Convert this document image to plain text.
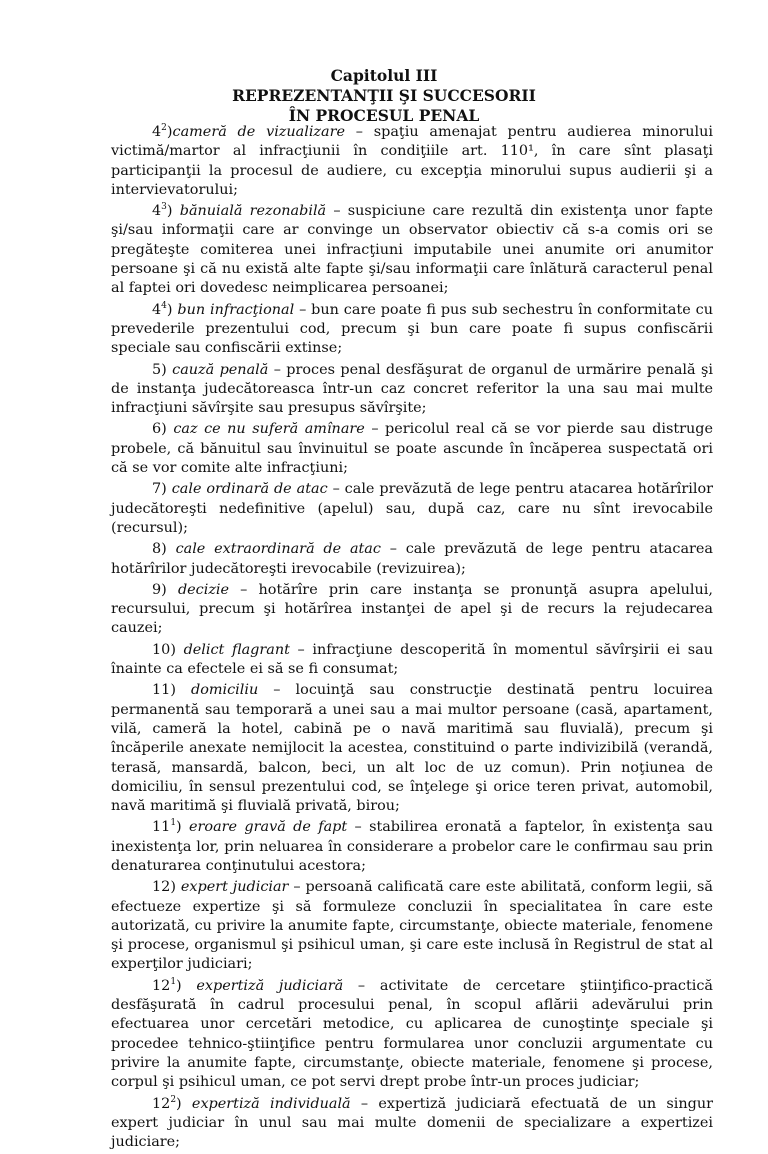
Capitolul III
REPREZENTANŢII ŞI SUCCESORII
ÎN PROCESUL PENAL

$4^2)cameră$ de vizualizare – spaţiu amenajat pentru audierea minorului victimă/martor al infracţiunii în condiţiile art. 110¹, în care sînt plasaţi participanţii la procesul de audiere, cu excepţia minorului supus audierii şi a intervievatorului;

$4^3$) bănuială rezonabilă – suspiciune care rezultă din existenţa unor fapte şi/sau informaţii care ar convinge un observator obiectiv că s-a comis ori se pregăteşte comiterea unei infracţiuni imputabile unei anumite ori anumitor persoane şi că nu există alte fapte şi/sau informaţii care înlătură caracterul penal al faptei ori dovedesc neimplicarea persoanei;

$4^4$) bun infracţional – bun care poate fi pus sub sechestru în conformitate cu prevederile prezentului cod, precum şi bun care poate fi supus confiscării speciale sau confiscării extinse;

5) cauză penală – proces penal desfăşurat de organul de urmărire penală şi de instanţa judecătoreasca într-un caz concret referitor la una sau mai multe infracţiuni săvîrşite sau presupus săvîrşite;

6) caz ce nu suferă amînare – pericolul real că se vor pierde sau distruge probele, că bănuitul sau învinuitul se poate ascunde în încăperea suspectată ori că se vor comite alte infracţiuni;

7) cale ordinară de atac – cale prevăzută de lege pentru atacarea hotărîrilor judecătoreşti nedefinitive (apelul) sau, după caz, care nu sînt irevocabile (recursul);

8) cale extraordinară de atac – cale prevăzută de lege pentru atacarea hotărîrilor judecătoreşti irevocabile (revizuirea);

9) decizie – hotărîre prin care instanţa se pronunţă asupra apelului, recursului, precum şi hotărîrea instanţei de apel şi de recurs la rejudecarea cauzei;

10) delict flagrant – infracţiune descoperită în momentul săvîrşirii ei sau înainte ca efectele ei să se fi consumat;

11) domiciliu – locuinţă sau construcţie destinată pentru locuirea permanentă sau temporară a unei sau a mai multor persoane (casă, apartament, vilă, cameră la hotel, cabină pe o navă maritimă sau fluvială), precum şi încăperile anexate nemijlocit la acestea, constituind o parte indivizibilă (verandă, terasă, mansardă, balcon, beci, un alt loc de uz comun). Prin noţiunea de domiciliu, în sensul prezentului cod, se înţelege şi orice teren privat, automobil, navă maritimă şi fluvială privată, birou;

$11^1$) eroare gravă de fapt – stabilirea eronată a faptelor, în existenţa sau inexistenţa lor, prin neluarea în considerare a probelor care le confirmau sau prin denaturarea conţinutului acestora;

12) expert judiciar – persoană calificată care este abilitată, conform legii, să efectueze expertize şi să formuleze concluzii în specialitatea în care este autorizată, cu privire la anumite fapte, circumstanţe, obiecte materiale, fenomene şi procese, organismul şi psihicul uman, şi care este inclusă în Registrul de stat al experţilor judiciari;

$12^1$) expertiză judiciară – activitate de cercetare ştiinţifico-practică desfăşurată în cadrul procesului penal, în scopul aflării adevărului prin efectuarea unor cercetări metodice, cu aplicarea de cunoştinţe speciale şi procedee tehnico-ştiinţifice pentru formularea unor concluzii argumentate cu privire la anumite fapte, circumstanţe, obiecte materiale, fenomene şi procese, corpul şi psihicul uman, ce pot servi drept probe într-un proces judiciar;

$12^2$) expertiză individuală – expertiză judiciară efectuată de un singur expert judiciar în unul sau mai multe domenii de specializare a expertizei judiciare;
